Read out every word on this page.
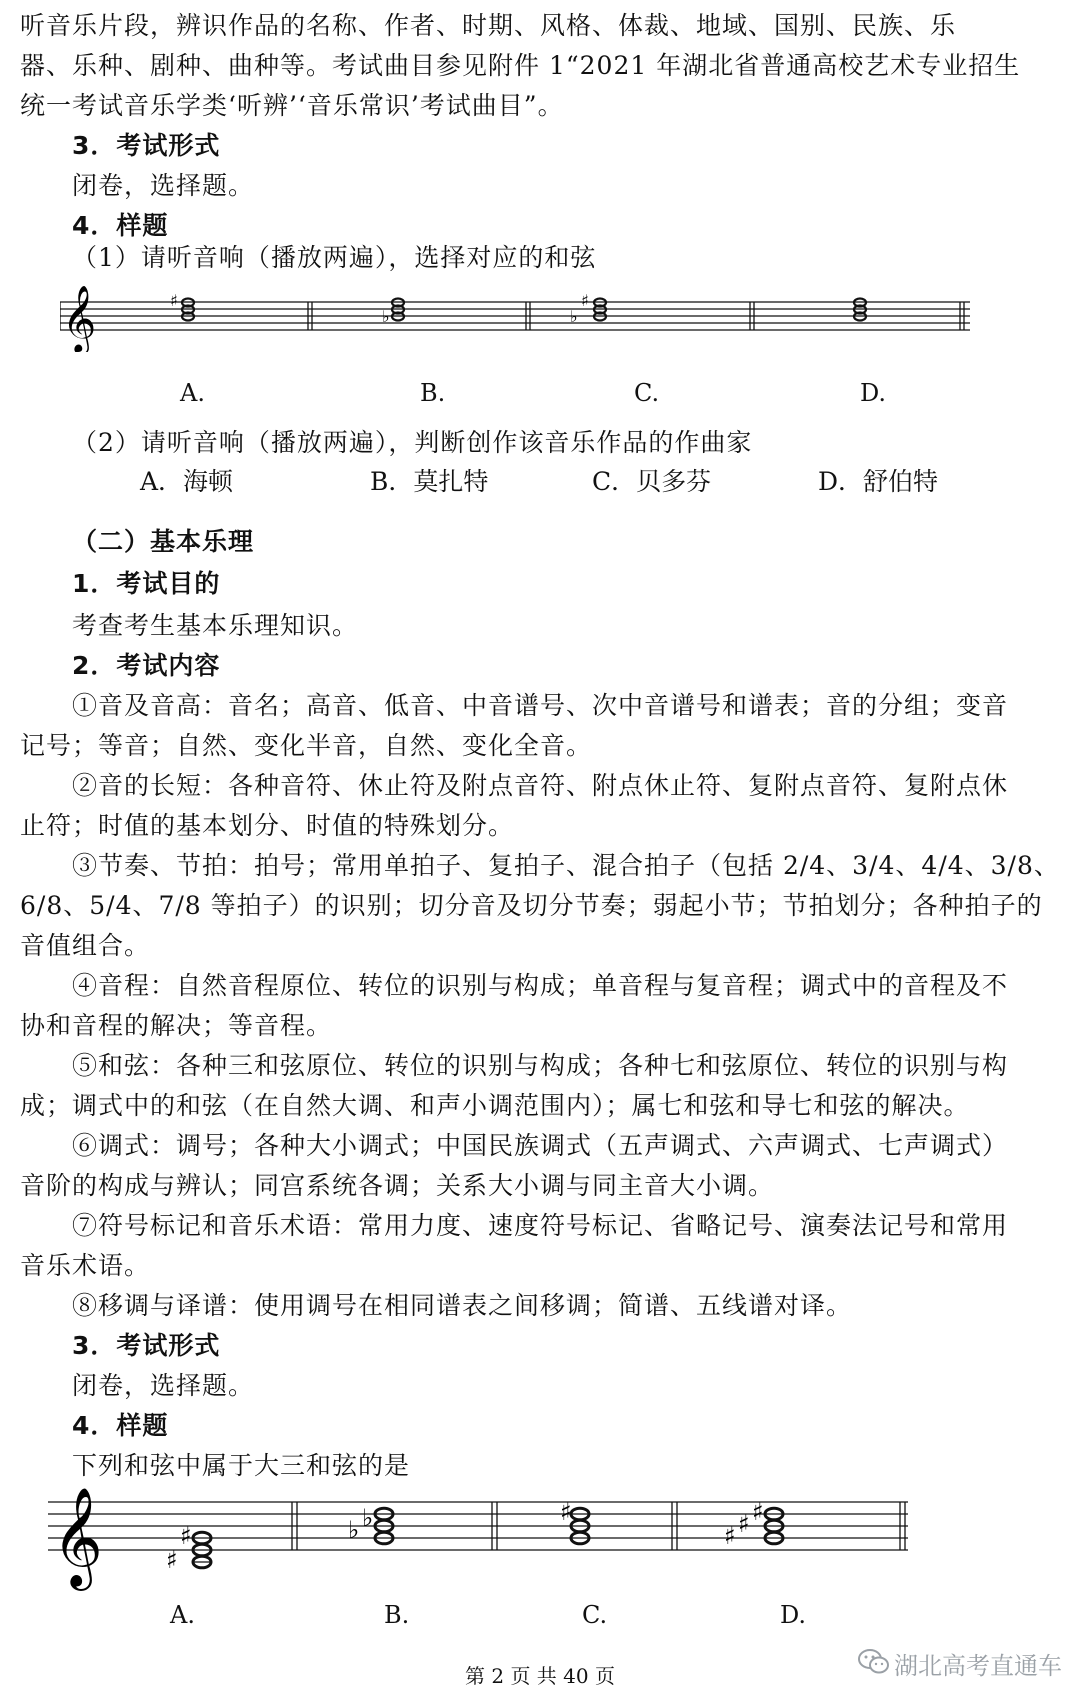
听音乐片段，辨识作品的名称、作者、时期、风格、体裁、地域、国别、民族、乐
器、乐种、剧种、曲种等。考试曲目参见附件 1“2021 年湖北省普通高校艺术专业招生
统一考试音乐学类‘听辨’‘音乐常识’考试曲目”。
3．考试形式
闭卷，选择题。
4．样题
（1）请听音响（播放两遍），选择对应的和弦
𝄞	♯
♭	♭
♯
A.	B.	C.	D.
（2）请听音响（播放两遍），判断创作该音乐作品的作曲家
A．海顿	B．莫扎特	C．贝多芬	D．舒伯特
（二）基本乐理
1．考试目的
考查考生基本乐理知识。
2．考试内容
①音及音高：音名；高音、低音、中音谱号、次中音谱号和谱表；音的分组；变音
记号；等音；自然、变化半音，自然、变化全音。
②音的长短：各种音符、休止符及附点音符、附点休止符、复附点音符、复附点休
止符；时值的基本划分、时值的特殊划分。
③节奏、节拍：拍号；常用单拍子、复拍子、混合拍子（包括 2/4、3/4、4/4、3/8、
6/8、5/4、7/8 等拍子）的识别；切分音及切分节奏；弱起小节；节拍划分；各种拍子的
音值组合。
④音程：自然音程原位、转位的识别与构成；单音程与复音程；调式中的音程及不
协和音程的解决；等音程。
⑤和弦：各种三和弦原位、转位的识别与构成；各种七和弦原位、转位的识别与构
成；调式中的和弦（在自然大调、和声小调范围内）；属七和弦和导七和弦的解决。
⑥调式：调号；各种大小调式；中国民族调式（五声调式、六声调式、七声调式）
音阶的构成与辨认；同宫系统各调；关系大小调与同主音大小调。
⑦符号标记和音乐术语：常用力度、速度符号标记、省略记号、演奏法记号和常用
音乐术语。
⑧移调与译谱：使用调号在相同谱表之间移调；简谱、五线谱对译。
3．考试形式
闭卷，选择题。
4．样题
下列和弦中属于大三和弦的是
𝄞	♯
♯	♭ ♭	♯
♯ ♯ ♯
A.	B.	C.	D.
第 2 页 共 40 页	湖北高考直通车
